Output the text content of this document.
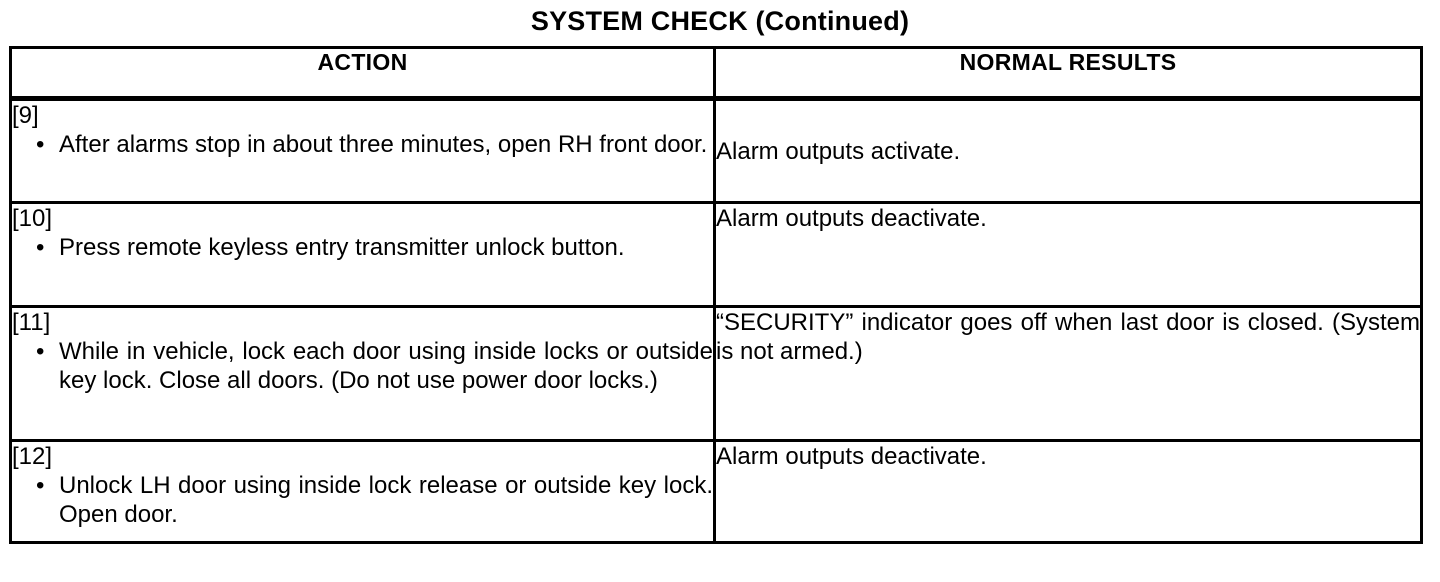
SYSTEM CHECK (Continued)
ACTION	NORMAL RESULTS

[9]
• After alarms stop in about three minutes, open RH front door.	Alarm outputs activate.

[10]
• Press remote keyless entry transmitter unlock button.	Alarm outputs deactivate.

[11]
• While in vehicle, lock each door using inside locks or outside key lock. Close all doors. (Do not use power door locks.)	“SECURITY” indicator goes off when last door is closed. (System is not armed.)

[12]
• Unlock LH door using inside lock release or outside key lock. Open door.	Alarm outputs deactivate.
